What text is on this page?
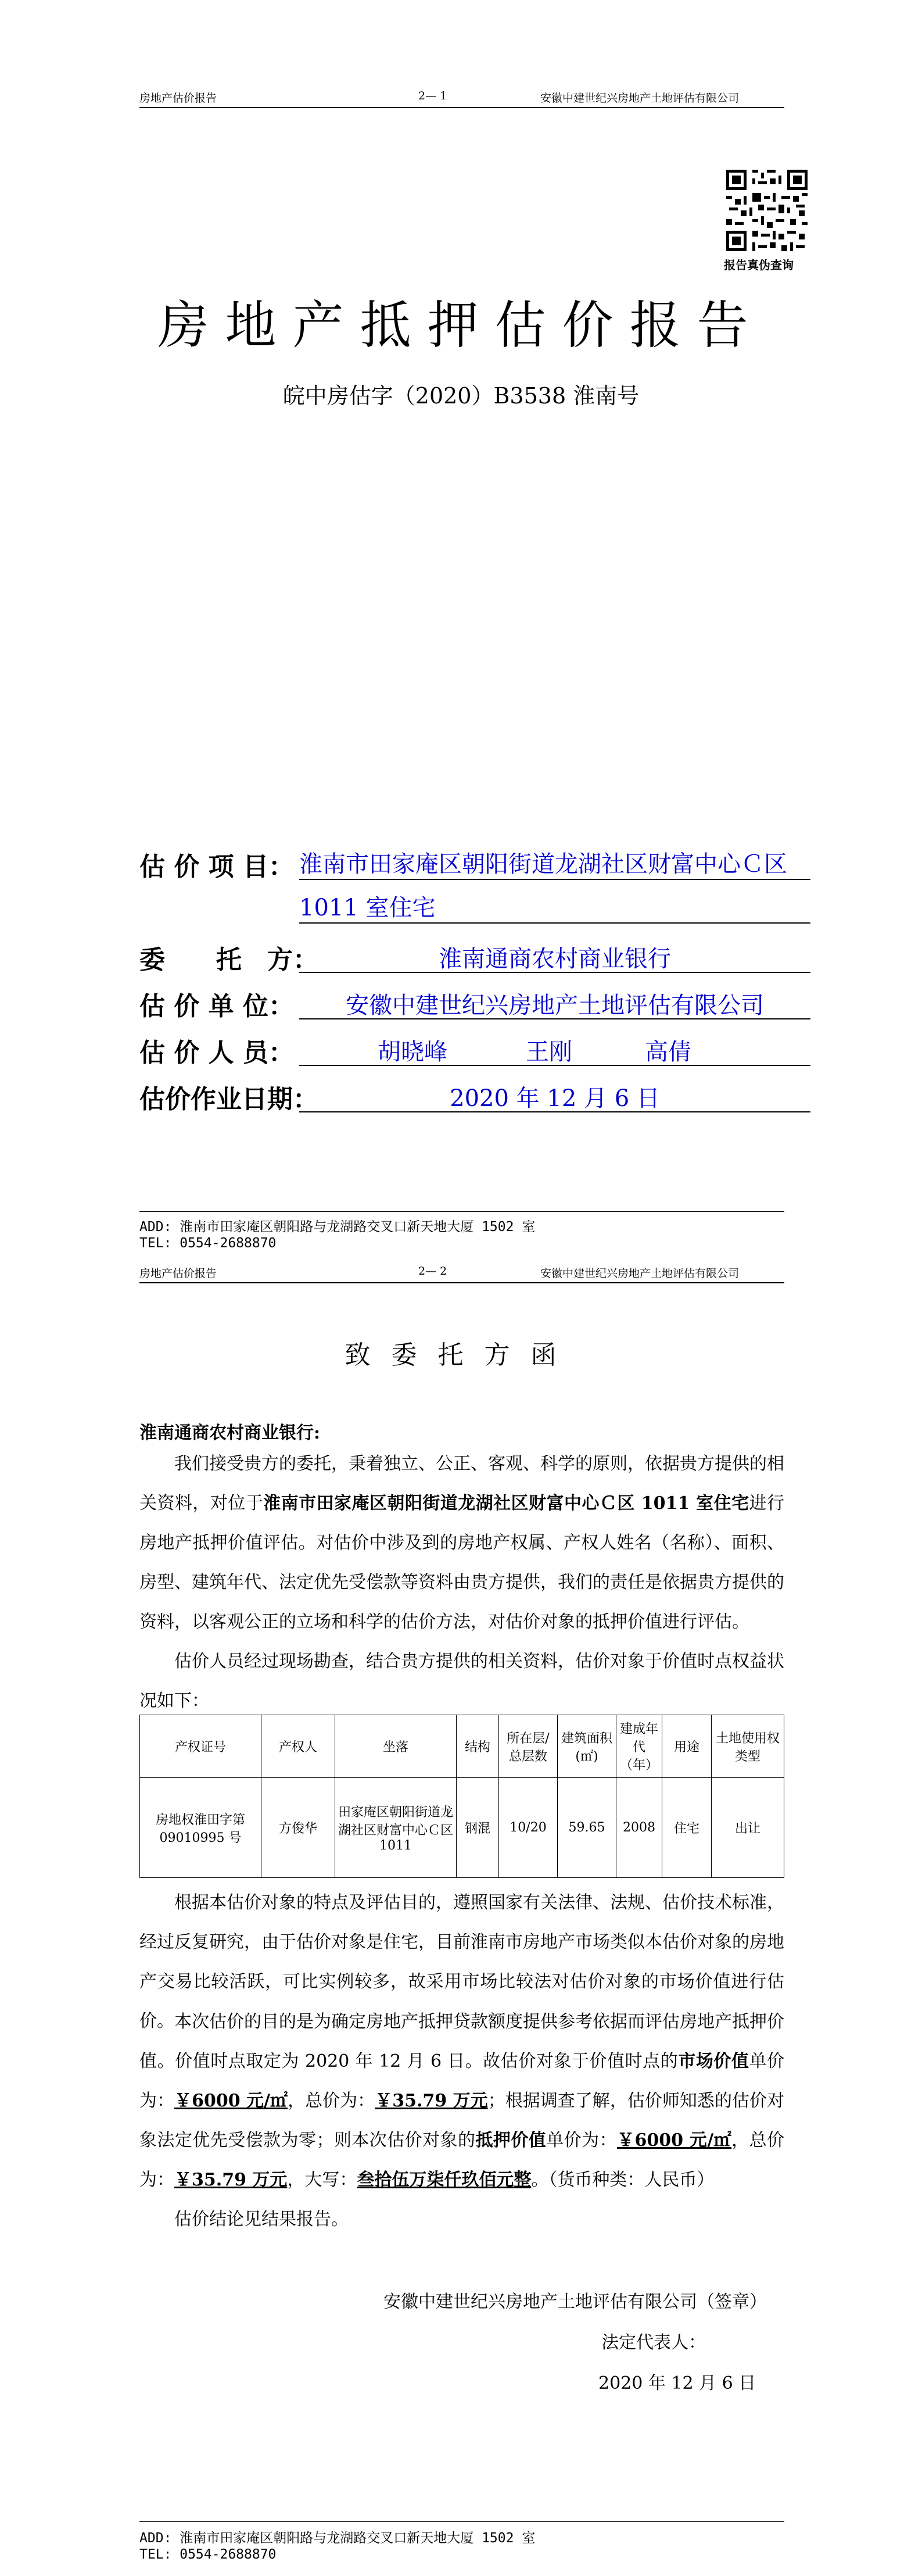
房地产估价报告	2— 1	安徽中建世纪兴房地产土地评估有限公司
报告真伪查询
房地产抵押估价报告
皖中房估字（2020）B3538 淮南号
估 价 项 目： 淮南市田家庵区朝阳街道龙湖社区财富中心Ｃ区
1011 室住宅
委　　托　方：	淮南通商农村商业银行
估 价 单 位：	安徽中建世纪兴房地产土地评估有限公司
估 价 人 员：	胡晓峰	王刚	高倩
估价作业日期：	2020 年 12 月 6 日
ADD: 淮南市田家庵区朝阳路与龙湖路交叉口新天地大厦 1502 室
TEL: 0554-2688870
房地产估价报告	2— 2	安徽中建世纪兴房地产土地评估有限公司
致委托方函
淮南通商农村商业银行:
我们接受贵方的委托，秉着独立、公正、客观、科学的原则，依据贵方提供的相关资料，对位于淮南市田家庵区朝阳街道龙湖社区财富中心Ｃ区 1011 室住宅进行房地产抵押价值评估。对估价中涉及到的房地产权属、产权人姓名（名称）、面积、房型、建筑年代、法定优先受偿款等资料由贵方提供，我们的责任是依据贵方提供的资料，以客观公正的立场和科学的估价方法，对估价对象的抵押价值进行评估。
估价人员经过现场勘查，结合贵方提供的相关资料，估价对象于价值时点权益状况如下：
产权证号	产权人	坐落	结构	所在层/总层数	建筑面积(㎡)	建成年代（年）	用途	土地使用权类型
房地权淮田字第09010995 号	方俊华	田家庵区朝阳街道龙湖社区财富中心Ｃ区 1011	钢混	10/20	59.65	2008	住宅	出让
根据本估价对象的特点及评估目的，遵照国家有关法律、法规、估价技术标准，经过反复研究，由于估价对象是住宅，目前淮南市房地产市场类似本估价对象的房地产交易比较活跃，可比实例较多，故采用市场比较法对估价对象的市场价值进行估价。 本次估价的目的是为确定房地产抵押贷款额度提供参考依据而评估房地产抵押价值。价值时点取定为 2020 年 12 月 6 日。故估价对象于价值时点的市场价值单价为：￥6000 元/㎡，总价为：￥35.79 万元；根据调查了解，估价师知悉的估价对象法定优先受偿款为零；则本次估价对象的抵押价值单价为：￥6000 元/㎡，总价为：￥35.79 万元，大写：叁拾伍万柒仟玖佰元整。（货币种类：人民币）
估价结论见结果报告。
安徽中建世纪兴房地产土地评估有限公司（签章）
法定代表人：
2020 年 12 月 6 日
ADD: 淮南市田家庵区朝阳路与龙湖路交叉口新天地大厦 1502 室
TEL: 0554-2688870
